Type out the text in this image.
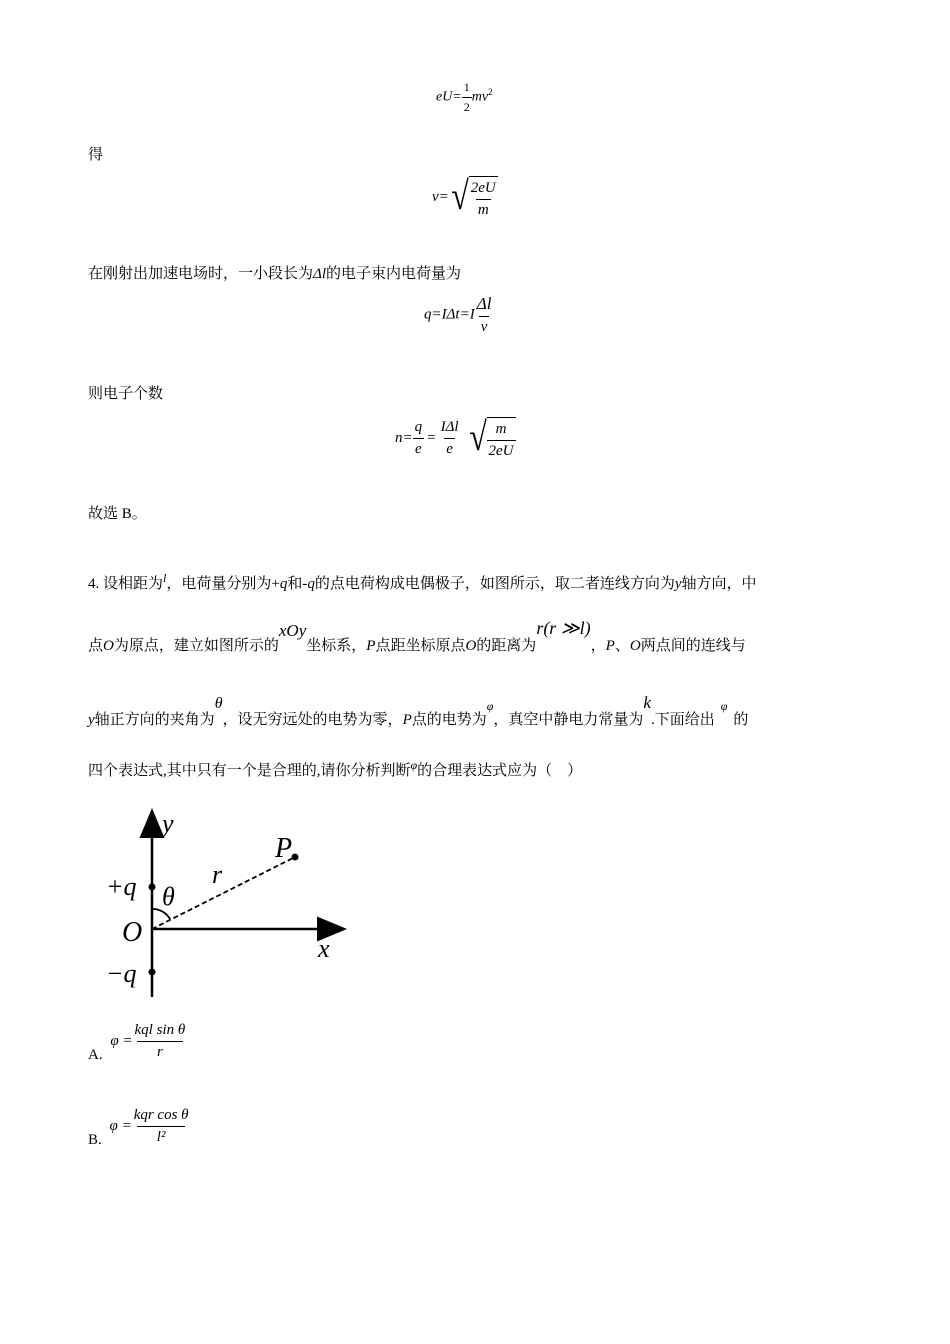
$eU= \frac{1}{2} mv^2$
得
v= √ $\frac{2eU}{m}$
在刚射出加速电场时，一小段长为Δl的电子束内电荷量为
$q=I\Delta t=I \frac{\Delta l}{v}$
则电子个数
$n= \frac{q}{e} = \frac{\text{IΔl}}{e}$ √ $\frac{m}{2eU}$
故选 B。
4. 设相距为$^l$，电荷量分别为+q和-q的点电荷构成电偶极子，如图所示，取二者连线方向为y轴方向，中
点O为原点，建立如图所示的xOy坐标系，P点距坐标原点O的距离为r(r ≫l)，P、O两点间的连线与
y轴正方向的夹角为θ，设无穷远处的电势为零，P点的电势为φ，真空中静电力常量为k.下面给出φ的
四个表达式,其中只有一个是合理的,请你分析判断$^\varphi$的合理表达式应为（　）
y
x
O
P
r
θ
+q
−q
A. $\varphi = \frac{\text{kql sin θ}}{r}$
B. $\varphi = \frac{\text{kqr cos θ}}{\text{l²}}$
